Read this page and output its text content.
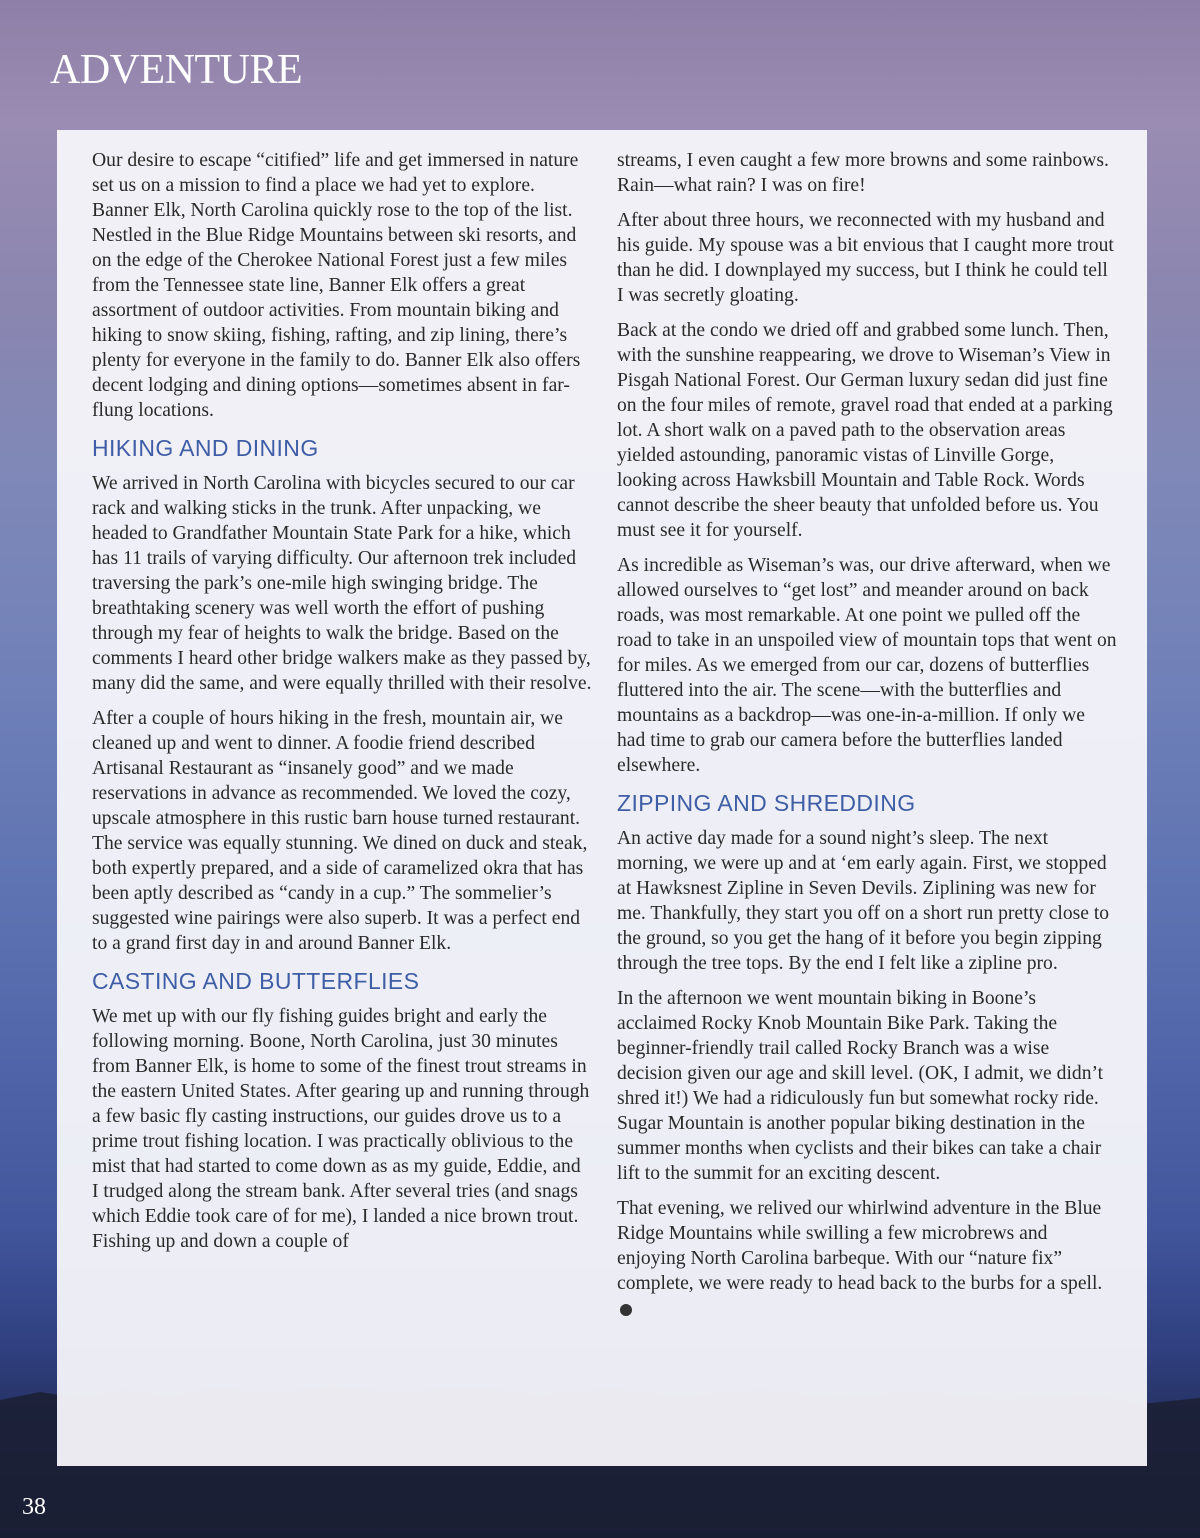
ADVENTURE

Our desire to escape “citified” life and get immersed in nature set us on a mission to find a place we had yet to explore. Banner Elk, North Carolina quickly rose to the top of the list. Nestled in the Blue Ridge Mountains between ski resorts, and on the edge of the Cherokee National Forest just a few miles from the Tennessee state line, Banner Elk offers a great assortment of outdoor activities. From mountain biking and hiking to snow skiing, fishing, rafting, and zip lining, there’s plenty for everyone in the family to do. Banner Elk also offers decent lodging and dining options—sometimes absent in far-flung locations.

HIKING AND DINING

We arrived in North Carolina with bicycles secured to our car rack and walking sticks in the trunk. After unpacking, we headed to Grandfather Mountain State Park for a hike, which has 11 trails of varying difficulty. Our afternoon trek included traversing the park’s one-mile high swinging bridge. The breathtaking scenery was well worth the effort of pushing through my fear of heights to walk the bridge. Based on the comments I heard other bridge walkers make as they passed by, many did the same, and were equally thrilled with their resolve.

After a couple of hours hiking in the fresh, mountain air, we cleaned up and went to dinner. A foodie friend described Artisanal Restaurant as “insanely good” and we made reservations in advance as recommended. We loved the cozy, upscale atmosphere in this rustic barn house turned restaurant. The service was equally stunning. We dined on duck and steak, both expertly prepared, and a side of caramelized okra that has been aptly described as “candy in a cup.” The sommelier’s suggested wine pairings were also superb. It was a perfect end to a grand first day in and around Banner Elk.

CASTING AND BUTTERFLIES

We met up with our fly fishing guides bright and early the following morning. Boone, North Carolina, just 30 minutes from Banner Elk, is home to some of the finest trout streams in the eastern United States. After gearing up and running through a few basic fly casting instructions, our guides drove us to a prime trout fishing location. I was practically oblivious to the mist that had started to come down as as my guide, Eddie, and I trudged along the stream bank. After several tries (and snags which Eddie took care of for me), I landed a nice brown trout. Fishing up and down a couple of

streams, I even caught a few more browns and some rainbows. Rain—what rain? I was on fire!

After about three hours, we reconnected with my husband and his guide. My spouse was a bit envious that I caught more trout than he did. I downplayed my success, but I think he could tell I was secretly gloating.

Back at the condo we dried off and grabbed some lunch. Then, with the sunshine reappearing, we drove to Wiseman’s View in Pisgah National Forest. Our German luxury sedan did just fine on the four miles of remote, gravel road that ended at a parking lot. A short walk on a paved path to the observation areas yielded astounding, panoramic vistas of Linville Gorge, looking across Hawksbill Mountain and Table Rock. Words cannot describe the sheer beauty that unfolded before us. You must see it for yourself.

As incredible as Wiseman’s was, our drive afterward, when we allowed ourselves to “get lost” and meander around on back roads, was most remarkable. At one point we pulled off the road to take in an unspoiled view of mountain tops that went on for miles. As we emerged from our car, dozens of butterflies fluttered into the air. The scene—with the butterflies and mountains as a backdrop—was one-in-a-million. If only we had time to grab our camera before the butterflies landed elsewhere.

ZIPPING AND SHREDDING

An active day made for a sound night’s sleep. The next morning, we were up and at ‘em early again. First, we stopped at Hawksnest Zipline in Seven Devils. Ziplining was new for me. Thankfully, they start you off on a short run pretty close to the ground, so you get the hang of it before you begin zipping through the tree tops. By the end I felt like a zipline pro.

In the afternoon we went mountain biking in Boone’s acclaimed Rocky Knob Mountain Bike Park. Taking the beginner-friendly trail called Rocky Branch was a wise decision given our age and skill level. (OK, I admit, we didn’t shred it!) We had a ridiculously fun but somewhat rocky ride. Sugar Mountain is another popular biking destination in the summer months when cyclists and their bikes can take a chair lift to the summit for an exciting descent.

That evening, we relived our whirlwind adventure in the Blue Ridge Mountains while swilling a few microbrews and enjoying North Carolina barbeque. With our “nature fix” complete, we were ready to head back to the burbs for a spell.

38
